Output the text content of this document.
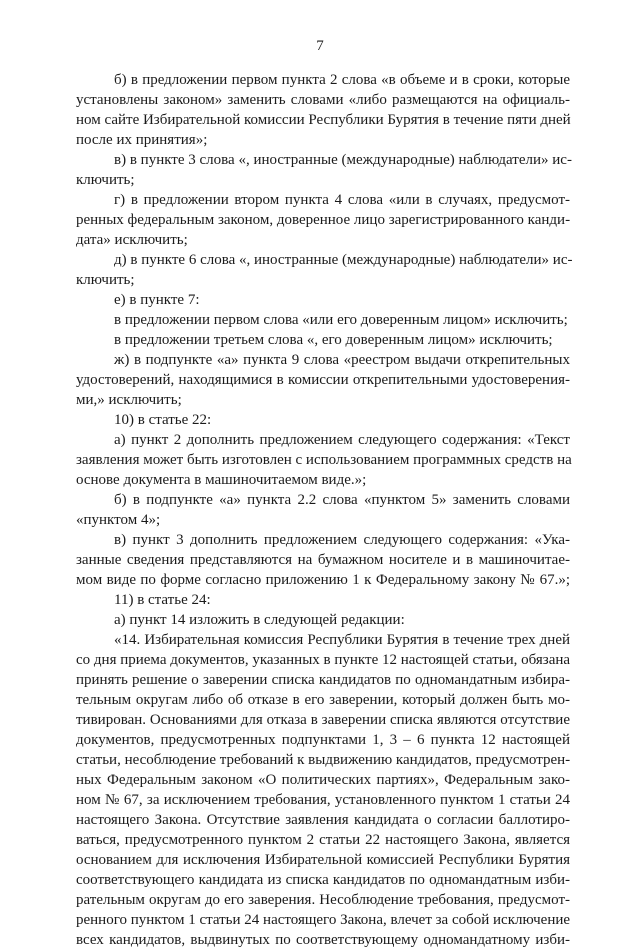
7
б) в предложении первом пункта 2 слова «в объеме и в сроки, которые
установлены законом» заменить словами «либо размещаются на официаль-
ном сайте Избирательной комиссии Республики Бурятия в течение пяти дней
после их принятия»;
в) в пункте 3 слова «, иностранные (международные) наблюдатели» ис-
ключить;
г) в предложении втором пункта 4 слова «или в случаях, предусмот-
ренных федеральным законом, доверенное лицо зарегистрированного канди-
дата» исключить;
д) в пункте 6 слова «, иностранные (международные) наблюдатели» ис-
ключить;
е) в пункте 7:
в предложении первом слова «или его доверенным лицом» исключить;
в предложении третьем слова «, его доверенным лицом» исключить;
ж) в подпункте «а» пункта 9 слова «реестром выдачи открепительных
удостоверений, находящимися в комиссии открепительными удостоверения-
ми,» исключить;
10) в статье 22:
а) пункт 2 дополнить предложением следующего содержания: «Текст
заявления может быть изготовлен с использованием программных средств на
основе документа в машиночитаемом виде.»;
б) в подпункте «а» пункта 2.2 слова «пунктом 5» заменить словами
«пунктом 4»;
в) пункт 3 дополнить предложением следующего содержания: «Ука-
занные сведения представляются на бумажном носителе и в машиночитае-
мом виде по форме согласно приложению 1 к Федеральному закону № 67.»;
11) в статье 24:
а) пункт 14 изложить в следующей редакции:
«14. Избирательная комиссия Республики Бурятия в течение трех дней
со дня приема документов, указанных в пункте 12 настоящей статьи, обязана
принять решение о заверении списка кандидатов по одномандатным избира-
тельным округам либо об отказе в его заверении, который должен быть мо-
тивирован. Основаниями для отказа в заверении списка являются отсутствие
документов, предусмотренных подпунктами 1, 3 – 6 пункта 12 настоящей
статьи, несоблюдение требований к выдвижению кандидатов, предусмотрен-
ных Федеральным законом «О политических партиях», Федеральным зако-
ном № 67, за исключением требования, установленного пунктом 1 статьи 24
настоящего Закона. Отсутствие заявления кандидата о согласии баллотиро-
ваться, предусмотренного пунктом 2 статьи 22 настоящего Закона, является
основанием для исключения Избирательной комиссией Республики Бурятия
соответствующего кандидата из списка кандидатов по одномандатным изби-
рательным округам до его заверения. Несоблюдение требования, предусмот-
ренного пунктом 1 статьи 24 настоящего Закона, влечет за собой исключение
всех кандидатов, выдвинутых по соответствующему одномандатному изби-
